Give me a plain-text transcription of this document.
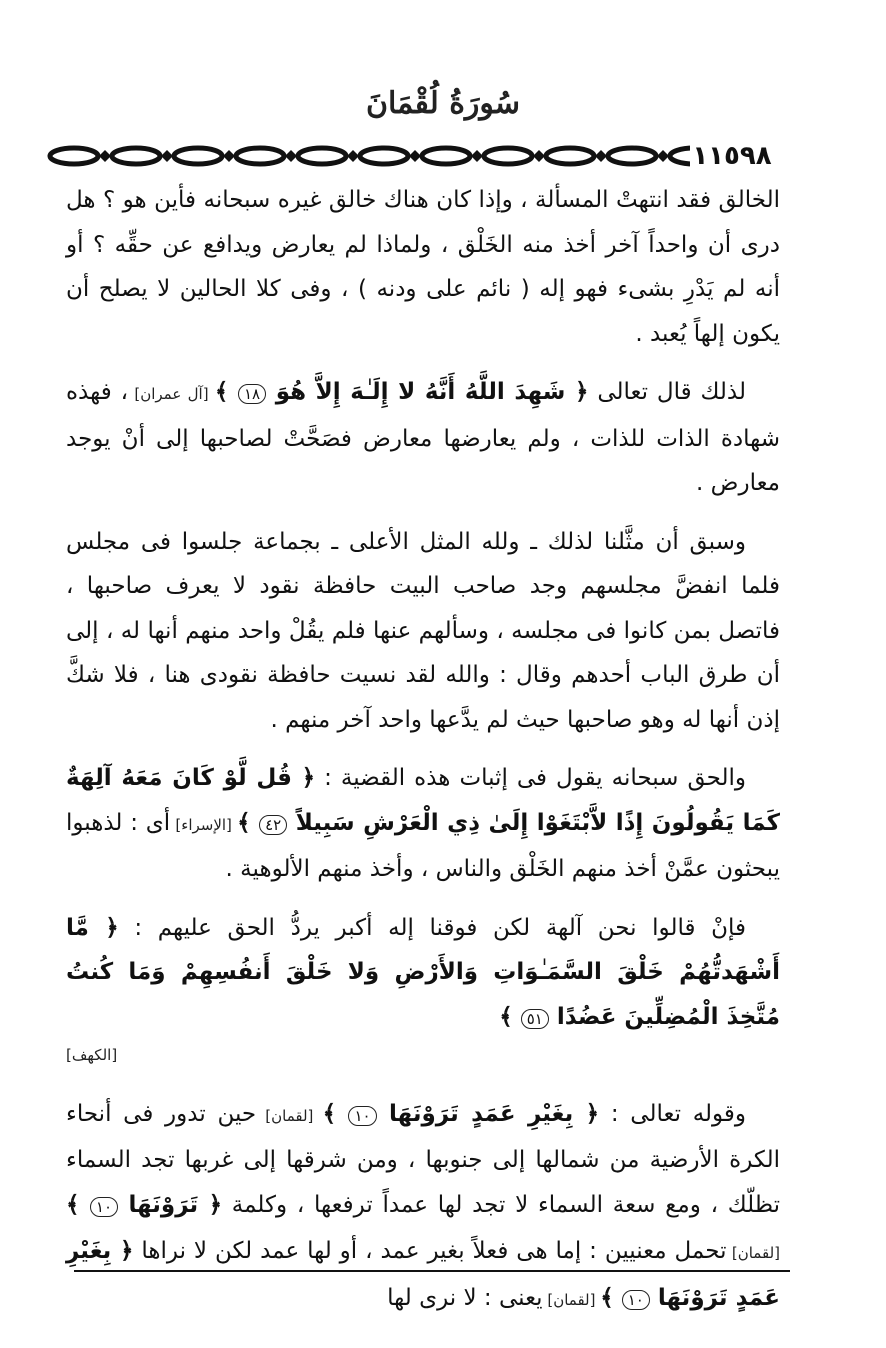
سُورَةُ لُقْمَانَ
١١٥٩٨

الخالق فقد انتهتْ المسألة ، وإذا كان هناك خالق غيره سبحانه فأين هو ؟ هل درى أن واحداً آخر أخذ منه الخَلْق ، ولماذا لم يعارض ويدافع عن حقِّه ؟ أو أنه لم يَدْرِ بشىء فهو إله ( نائم على ودنه ) ، وفى كلا الحالين لا يصلح أن يكون إلهاً يُعبد .

لذلك قال تعالى ﴿ شَهِدَ اللَّهُ أَنَّهُ لا إِلَـٰهَ إِلاَّ هُوَ ١٨ ﴾ [آل عمران] ، فهذه شهادة الذات للذات ، ولم يعارضها معارض فصَحَّتْ لصاحبها إلى أنْ يوجد معارض .

وسبق أن مثَّلنا لذلك ـ ولله المثل الأعلى ـ بجماعة جلسوا فى مجلس فلما انفضَّ مجلسهم وجد صاحب البيت حافظة نقود لا يعرف صاحبها ، فاتصل بمن كانوا فى مجلسه ، وسألهم عنها فلم يقُلْ واحد منهم أنها له ، إلى أن طرق الباب أحدهم وقال : والله لقد نسيت حافظة نقودى هنا ، فلا شكَّ إذن أنها له وهو صاحبها حيث لم يدَّعها واحد آخر منهم .

والحق سبحانه يقول فى إثبات هذه القضية : ﴿ قُل لَّوْ كَانَ مَعَهُ آلِهَةٌ كَمَا يَقُولُونَ إِذًا لاَّبْتَغَوْا إِلَىٰ ذِي الْعَرْشِ سَبِيلاً ٤٢ ﴾ [الإسراء] أى : لذهبوا يبحثون عمَّنْ أخذ منهم الخَلْق والناس ، وأخذ منهم الألوهية .

فإنْ قالوا نحن آلهة لكن فوقنا إله أكبر يردُّ الحق عليهم : ﴿ مَّا أَشْهَدتُّهُمْ خَلْقَ السَّمَـٰوَاتِ وَالأَرْضِ وَلا خَلْقَ أَنفُسِهِمْ وَمَا كُنتُ مُتَّخِذَ الْمُضِلِّينَ عَضُدًا ٥١ ﴾

[الكهف]

وقوله تعالى : ﴿ بِغَيْرِ عَمَدٍ تَرَوْنَهَا ١٠ ﴾ [لقمان] حين تدور فى أنحاء الكرة الأرضية من شمالها إلى جنوبها ، ومن شرقها إلى غربها تجد السماء تظلّك ، ومع سعة السماء لا تجد لها عمداً ترفعها ، وكلمة ﴿ تَرَوْنَهَا ١٠ ﴾ [لقمان] تحمل معنيين : إما هى فعلاً بغير عمد ، أو لها عمد لكن لا نراها ﴿ بِغَيْرِ عَمَدٍ تَرَوْنَهَا ١٠ ﴾ [لقمان] يعنى : لا نرى لها
